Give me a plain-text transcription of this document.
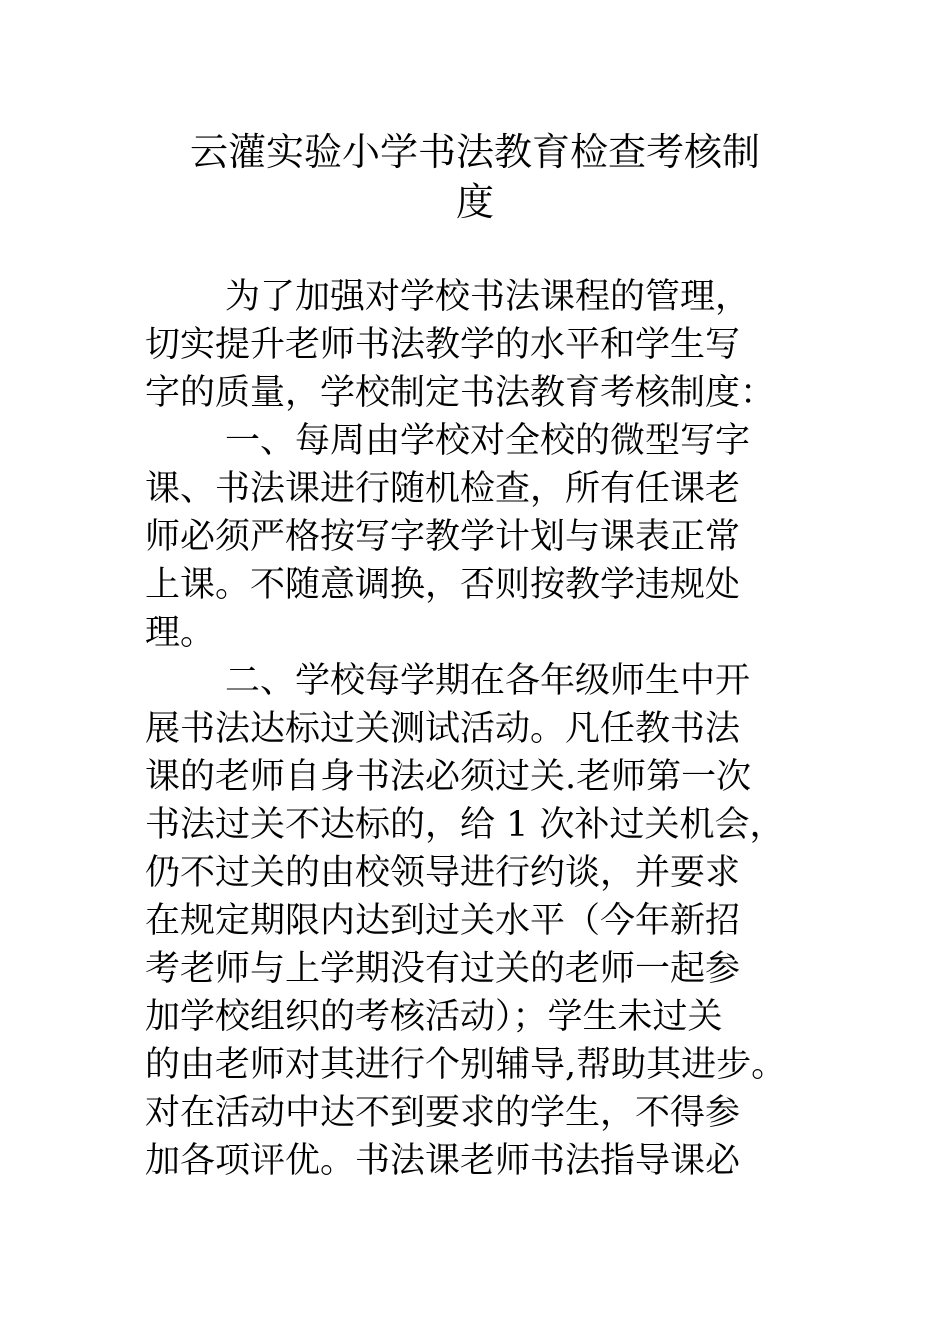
云灌实验小学书法教育检查考核制
度
为了加强对学校书法课程的管理，
切实提升老师书法教学的水平和学生写
字的质量，学校制定书法教育考核制度：
一、每周由学校对全校的微型写字
课、书法课进行随机检查，所有任课老
师必须严格按写字教学计划与课表正常
上课。不随意调换，否则按教学违规处
理。
二、学校每学期在各年级师生中开
展书法达标过关测试活动。凡任教书法
课的老师自身书法必须过关.老师第一次
书法过关不达标的，给 1 次补过关机会，
仍不过关的由校领导进行约谈，并要求
在规定期限内达到过关水平（今年新招
考老师与上学期没有过关的老师一起参
加学校组织的考核活动）；学生未过关
的由老师对其进行个别辅导,帮助其进步。
对在活动中达不到要求的学生，不得参
加各项评优。书法课老师书法指导课必
